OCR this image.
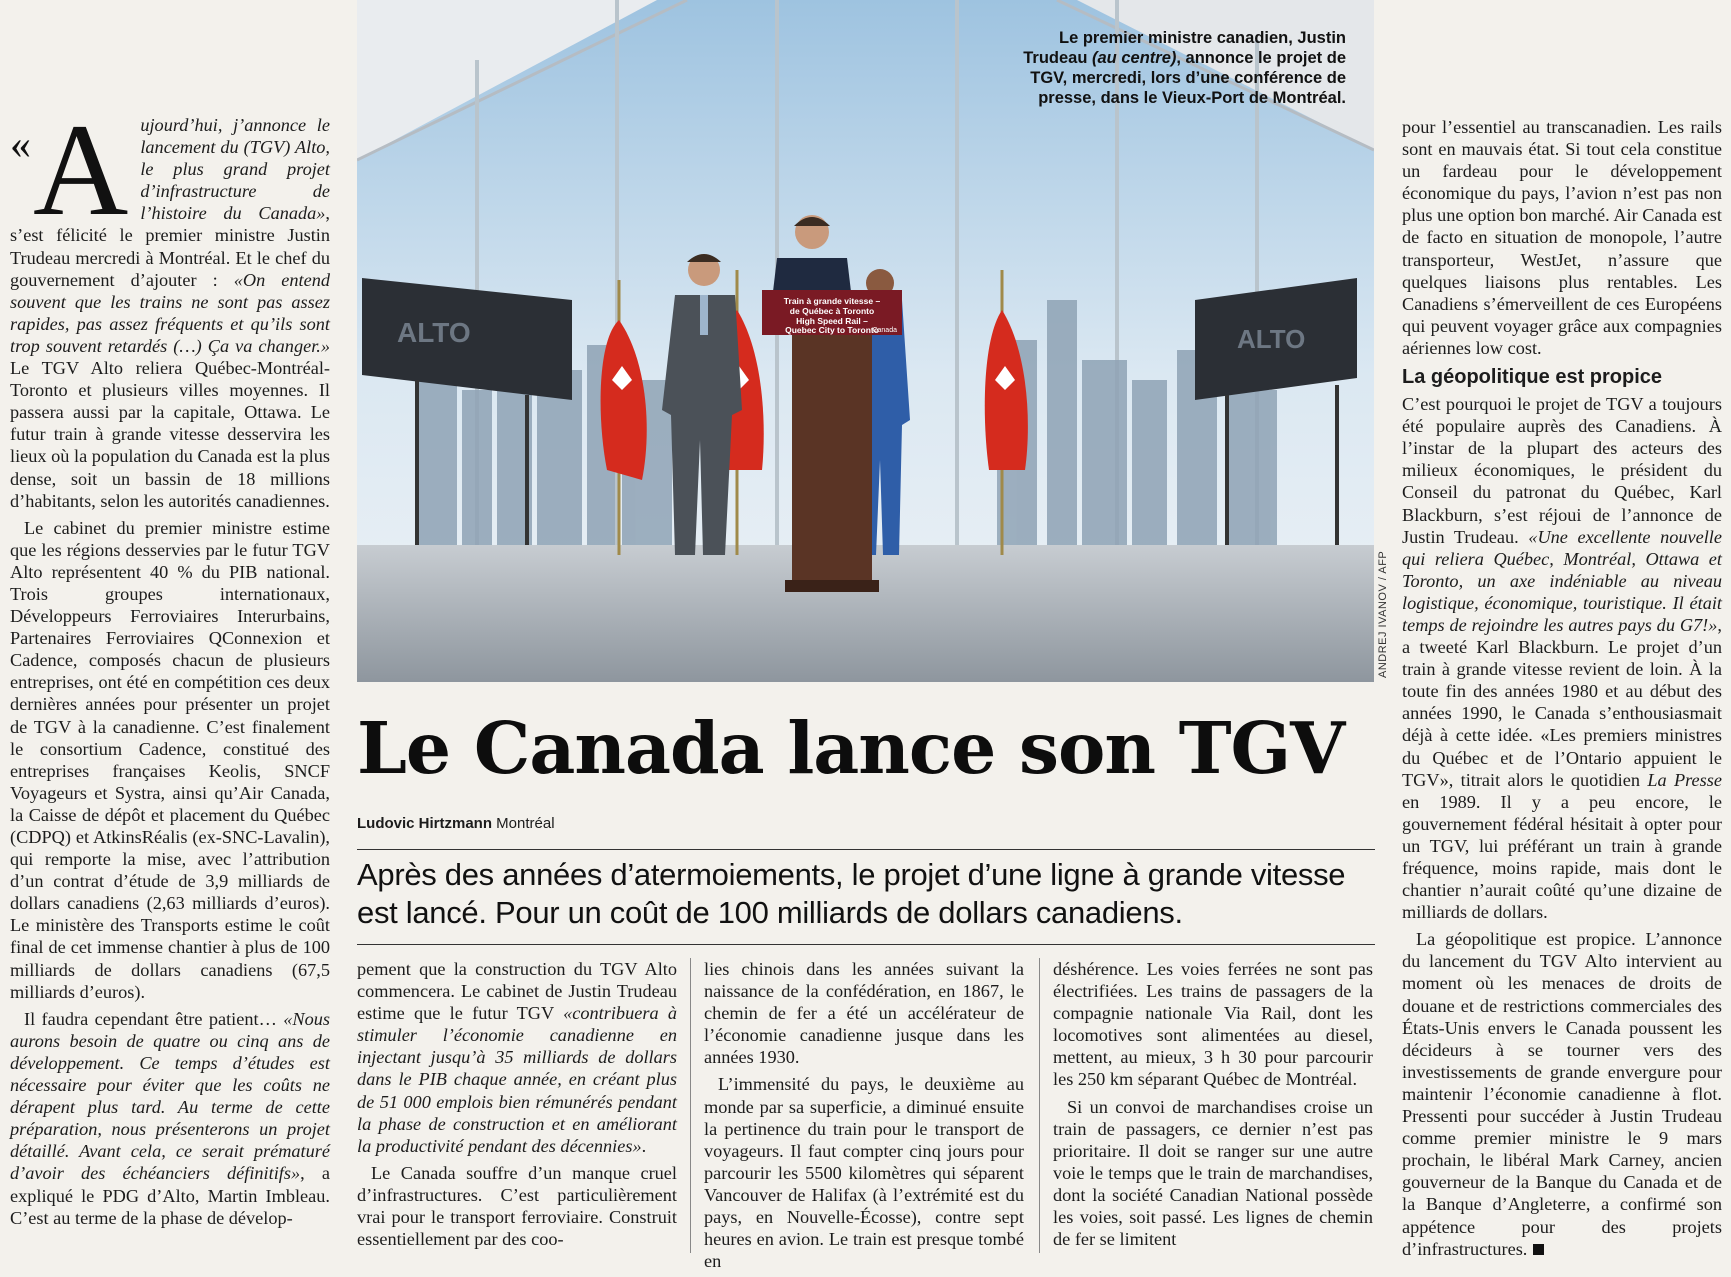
«A ujourd’hui, j’annonce le lancement du (TGV) Alto, le plus grand projet d’infrastructure de l’histoire du Canada», s’est félicité le premier ministre Justin Trudeau mercredi à Montréal. Et le chef du gouvernement d’ajouter : «On entend souvent que les trains ne sont pas assez rapides, pas assez fréquents et qu’ils sont trop souvent retardés (…) Ça va changer.» Le TGV Alto reliera Québec-Montréal-Toronto et plusieurs villes moyennes. Il passera aussi par la capitale, Ottawa. Le futur train à grande vitesse desservira les lieux où la population du Canada est la plus dense, soit un bassin de 18 millions d’habitants, selon les autorités canadiennes.

Le cabinet du premier ministre estime que les régions desservies par le futur TGV Alto représentent 40 % du PIB national. Trois groupes internationaux, Développeurs Ferroviaires Interurbains, Partenaires Ferroviaires QConnexion et Cadence, composés chacun de plusieurs entreprises, ont été en compétition ces deux dernières années pour présenter un projet de TGV à la canadienne. C’est finalement le consortium Cadence, constitué des entreprises françaises Keolis, SNCF Voyageurs et Systra, ainsi qu’Air Canada, la Caisse de dépôt et placement du Québec (CDPQ) et AtkinsRéalis (ex-SNC-Lavalin), qui remporte la mise, avec l’attribution d’un contrat d’étude de 3,9 milliards de dollars canadiens (2,63 milliards d’euros). Le ministère des Transports estime le coût final de cet immense chantier à plus de 100 milliards de dollars canadiens (67,5 milliards d’euros).

Il faudra cependant être patient… «Nous aurons besoin de quatre ou cinq ans de développement. Ce temps d’études est nécessaire pour éviter que les coûts ne dérapent plus tard. Au terme de cette préparation, nous présenterons un projet détaillé. Avant cela, ce serait prématuré d’avoir des échéanciers définitifs», a expliqué le PDG d’Alto, Martin Imbleau. C’est au terme de la phase de dévelop-

ALTO	ALTO
Train à grande vitesse –
de Québec à Toronto
High Speed Rail –
Quebec City to Toronto
Canada
Le premier ministre canadien, Justin Trudeau (au centre), annonce le projet de TGV, mercredi, lors d’une conférence de presse, dans le Vieux-Port de Montréal.
ANDREJ IVANOV / AFP
Le Canada lance son TGV
Ludovic Hirtzmann Montréal

Après des années d’atermoiements, le projet d’une ligne à grande vitesse est lancé. Pour un coût de 100 milliards de dollars canadiens.

pement que la construction du TGV Alto commencera. Le cabinet de Justin Trudeau estime que le futur TGV «contribuera à stimuler l’économie canadienne en injectant jusqu’à 35 milliards de dollars dans le PIB chaque année, en créant plus de 51 000 emplois bien rémunérés pendant la phase de construction et en améliorant la productivité pendant des décennies».

Le Canada souffre d’un manque cruel d’infrastructures. C’est particulièrement vrai pour le transport ferroviaire. Construit essentiellement par des coo-

lies chinois dans les années suivant la naissance de la confédération, en 1867, le chemin de fer a été un accélérateur de l’économie canadienne jusque dans les années 1930.

L’immensité du pays, le deuxième au monde par sa superficie, a diminué ensuite la pertinence du train pour le transport de voyageurs. Il faut compter cinq jours pour parcourir les 5500 kilomètres qui séparent Vancouver de Halifax (à l’extrémité est du pays, en Nouvelle-Écosse), contre sept heures en avion. Le train est presque tombé en

déshérence. Les voies ferrées ne sont pas électrifiées. Les trains de passagers de la compagnie nationale Via Rail, dont les locomotives sont alimentées au diesel, mettent, au mieux, 3 h 30 pour parcourir les 250 km séparant Québec de Montréal.

Si un convoi de marchandises croise un train de passagers, ce dernier n’est pas prioritaire. Il doit se ranger sur une autre voie le temps que le train de marchandises, dont la société Canadian National possède les voies, soit passé. Les lignes de chemin de fer se limitent

pour l’essentiel au transcanadien. Les rails sont en mauvais état. Si tout cela constitue un fardeau pour le développement économique du pays, l’avion n’est pas non plus une option bon marché. Air Canada est de facto en situation de monopole, l’autre transporteur, WestJet, n’assure que quelques liaisons plus rentables. Les Canadiens s’émerveillent de ces Européens qui peuvent voyager grâce aux compagnies aériennes low cost.

La géopolitique est propice

C’est pourquoi le projet de TGV a toujours été populaire auprès des Canadiens. À l’instar de la plupart des acteurs des milieux économiques, le président du Conseil du patronat du Québec, Karl Blackburn, s’est réjoui de l’annonce de Justin Trudeau. «Une excellente nouvelle qui reliera Québec, Montréal, Ottawa et Toronto, un axe indéniable au niveau logistique, économique, touristique. Il était temps de rejoindre les autres pays du G7!», a tweeté Karl Blackburn. Le projet d’un train à grande vitesse revient de loin. À la toute fin des années 1980 et au début des années 1990, le Canada s’enthousiasmait déjà à cette idée. «Les premiers ministres du Québec et de l’Ontario appuient le TGV», titrait alors le quotidien La Presse en 1989. Il y a peu encore, le gouvernement fédéral hésitait à opter pour un TGV, lui préférant un train à grande fréquence, moins rapide, mais dont le chantier n’aurait coûté qu’une dizaine de milliards de dollars.

La géopolitique est propice. L’annonce du lancement du TGV Alto intervient au moment où les menaces de droits de douane et de restrictions commerciales des États-Unis envers le Canada poussent les décideurs à se tourner vers des investissements de grande envergure pour maintenir l’économie canadienne à flot. Pressenti pour succéder à Justin Trudeau comme premier ministre le 9 mars prochain, le libéral Mark Carney, ancien gouverneur de la Banque du Canada et de la Banque d’Angleterre, a confirmé son appétence pour des projets d’infrastructures.
